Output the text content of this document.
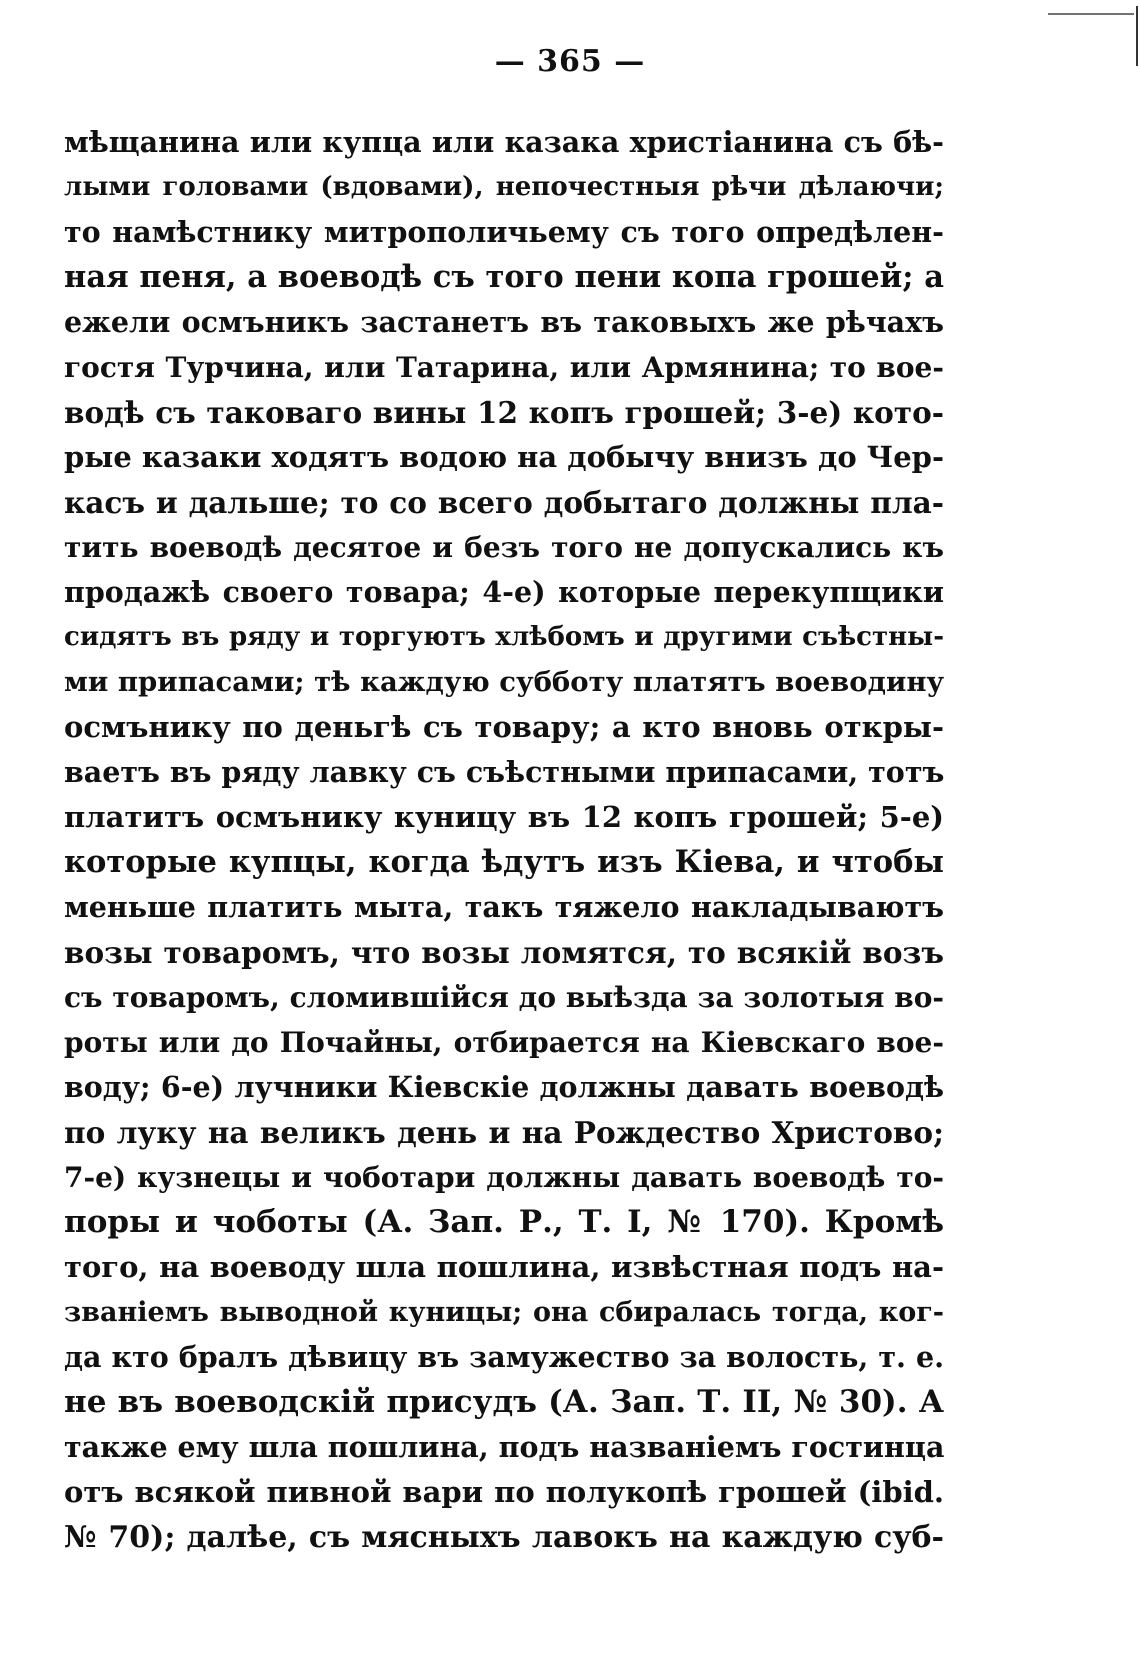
— 365 —
мѣщанина или купца или казака христіанина съ бѣ-
лыми головами (вдовами), непочестныя рѣчи дѣлаючи;
то намѣстнику митрополичьему съ того опредѣлен-
ная пеня, а воеводѣ съ того пени копа грошей; а
ежели осмъникъ застанетъ въ таковыхъ же рѣчахъ
гостя Турчина, или Татарина, или Армянина; то вое-
водѣ съ таковаго вины 12 копъ грошей; 3-е) кото-
рые казаки ходятъ водою на добычу внизъ до Чер-
касъ и дальше; то со всего добытаго должны пла-
тить воеводѣ десятое и безъ того не допускались къ
продажѣ своего товара; 4-е) которые перекупщики
сидятъ въ ряду и торгуютъ хлѣбомъ и другими съѣстны-
ми припасами; тѣ каждую субботу платятъ воеводину
осмънику по деньгѣ съ товару; а кто вновь откры-
ваетъ въ ряду лавку съ съѣстными припасами, тотъ
платитъ осмънику куницу въ 12 копъ грошей; 5-е)
которые купцы, когда ѣдутъ изъ Кіева, и чтобы
меньше платить мыта, такъ тяжело накладываютъ
возы товаромъ, что возы ломятся, то всякій возъ
съ товаромъ, сломившійся до выѣзда за золотыя во-
роты или до Почайны, отбирается на Кіевскаго вое-
воду; 6-е) лучники Кіевскіе должны давать воеводѣ
по луку на великъ день и на Рождество Христово;
7-е) кузнецы и чоботари должны давать воеводѣ то-
поры и чоботы (А. Зап. Р., Т. I, № 170). Кромѣ
того, на воеводу шла пошлина, извѣстная подъ на-
званіемъ выводной куницы; она сбиралась тогда, ког-
да кто бралъ дѣвицу въ замужество за волость, т. е.
не въ воеводскій присудъ (А. Зап. Т. II, № 30). А
также ему шла пошлина, подъ названіемъ гостинца
отъ всякой пивной вари по полукопѣ грошей (ibid.
№ 70); далѣе, съ мясныхъ лавокъ на каждую суб-
